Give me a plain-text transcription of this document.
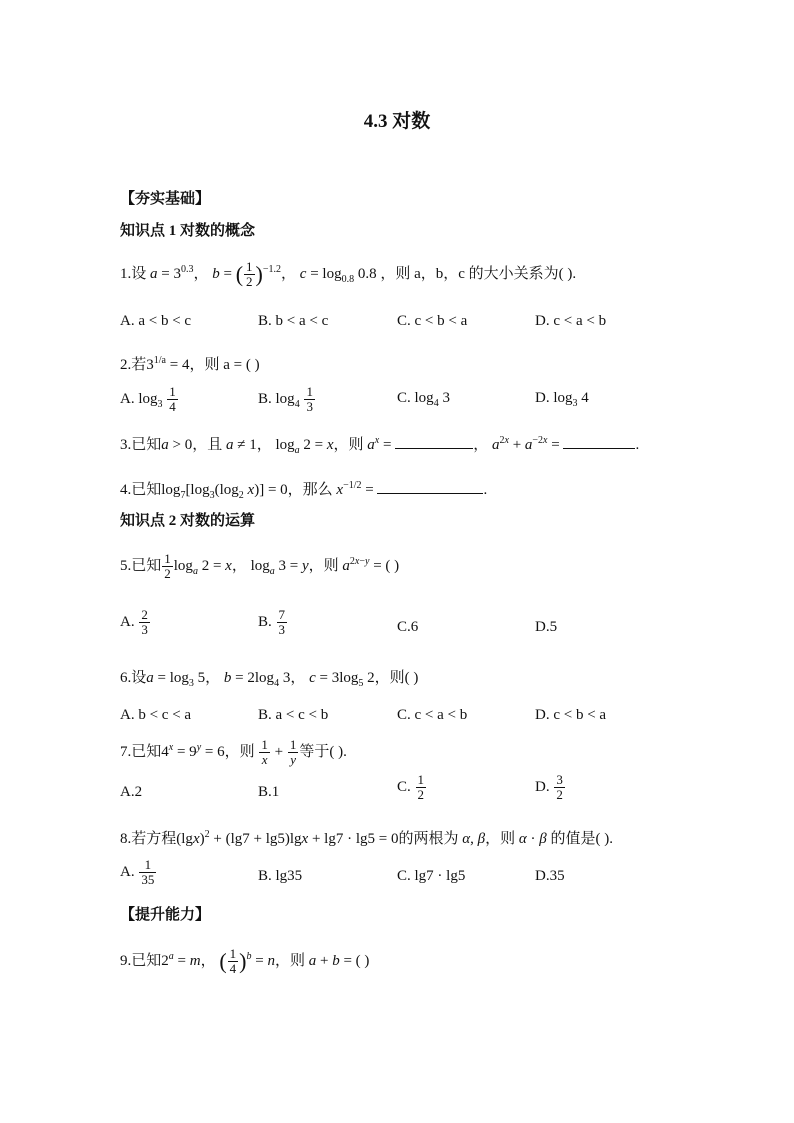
4.3 对数
【夯实基础】
知识点 1 对数的概念
1.设 $a = 3^{0.3}$， b = ( $\frac{1}{2} )^{-1.2}$， $c = \log_{0.8} 0.8$ ，则 a，b，c 的大小关系为( ).
A. a < b < c	B. b < a < c	C. c < b < a	D. c < a < b
2.若$3^{1/a} = 4$，则 a = ( )
A. $\log_3 \frac{1}{4}$	B. $\log_4 \frac{1}{3}$	C. $\log_4 3$	D. $\log_3 4$
3.已知a > 0，且 a ≠ 1， $\log_a 2 = x$，则 $a^x$ =	， $a^{2x} + a^{-2x}$ =	.
4.已知$\log_7[\log_3(\log_2$ x)] = 0，那么 $x^{-1/2}$ =	.
知识点 2 对数的运算
5.已知 $\frac{1}{2} \log_a 2 = x$， $\log_a 3 = y$，则 $a^{2x-y}$ = ( )
A. $\frac{2}{3}$	B. $\frac{7}{3}$	C.6	D.5
6.设$a = \log_3 5$， $b = 2\log_4$ 3， $c = 3\log_5$ 2，则( )
A. b < c < a	B. a < c < b	C. c < a < b	D. c < b < a
7.已知$4^x = 9^y = 6$，则 $\frac{1}{x} + \frac{1}{y}$ 等于( ).
A.2	B.1	C. $\frac{1}{2}$	D. $\frac{3}{2}$
8.若方程$(\lg x)^2 + (\lg 7 + \lg 5)\lg x + \lg 7 \cdot \lg 5 = 0$的两根为 α, β，则 α · β 的值是( ).
A. $\frac{1}{35}$	B. lg35	C. lg7 · lg5	D.35
【提升能力】
9.已知$2^a = m$， ( $\frac{1}{4} )^b = n$，则 a + b = ( )
